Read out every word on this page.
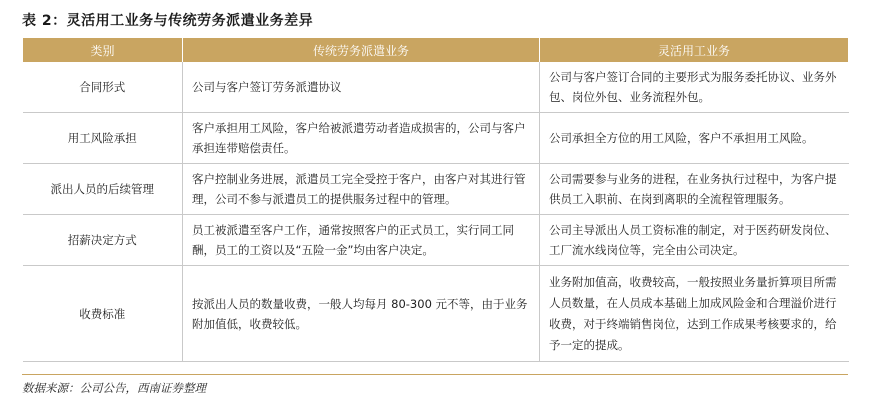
表 2：灵活用工业务与传统劳务派遣业务差异
类别	传统劳务派遣业务	灵活用工业务
合同形式	公司与客户签订劳务派遣协议	公司与客户签订合同的主要形式为服务委托协议、业务外包、岗位外包、业务流程外包。
用工风险承担	客户承担用工风险，客户给被派遣劳动者造成损害的，公司与客户承担连带赔偿责任。	公司承担全方位的用工风险，客户不承担用工风险。
派出人员的后续管理	客户控制业务进展，派遣员工完全受控于客户，由客户对其进行管理，公司不参与派遣员工的提供服务过程中的管理。	公司需要参与业务的进程，在业务执行过程中，为客户提供员工入职前、在岗到离职的全流程管理服务。
招薪决定方式	员工被派遣至客户工作，通常按照客户的正式员工，实行同工同酬，员工的工资以及“五险一金”均由客户决定。	公司主导派出人员工资标准的制定，对于医药研发岗位、工厂流水线岗位等，完全由公司决定。
收费标准	按派出人员的数量收费，一般人均每月 80-300 元不等，由于业务附加值低，收费较低。	业务附加值高，收费较高，一般按照业务量折算项目所需人员数量，在人员成本基础上加成风险金和合理溢价进行收费，对于终端销售岗位，达到工作成果考核要求的，给予一定的提成。
数据来源：公司公告，西南证券整理
